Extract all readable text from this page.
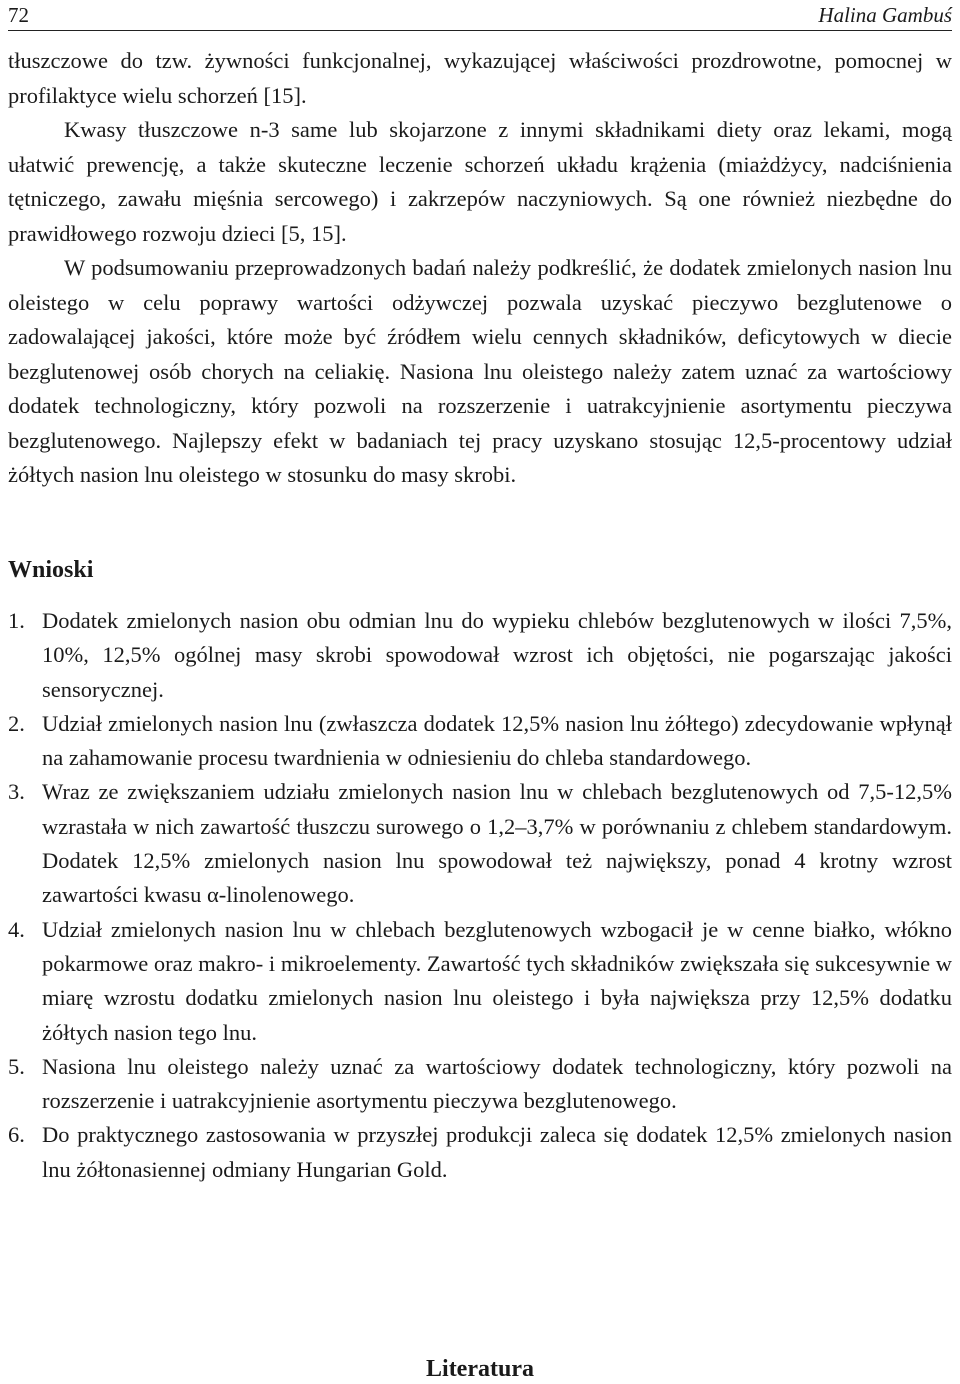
72	Halina Gambuś

tłuszczowe do tzw. żywności funkcjonalnej, wykazującej właściwości prozdrowotne, pomocnej w profilaktyce wielu schorzeń [15].

Kwasy tłuszczowe n-3 same lub skojarzone z innymi składnikami diety oraz lekami, mogą ułatwić prewencję, a także skuteczne leczenie schorzeń układu krążenia (miażdżycy, nadciśnienia tętniczego, zawału mięśnia sercowego) i zakrzepów naczyniowych. Są one również niezbędne do prawidłowego rozwoju dzieci [5, 15].

W podsumowaniu przeprowadzonych badań należy podkreślić, że dodatek zmielonych nasion lnu oleistego w celu poprawy wartości odżywczej pozwala uzyskać pieczywo bezglutenowe o zadowalającej jakości, które może być źródłem wielu cennych składników, deficytowych w diecie bezglutenowej osób chorych na celiakię. Nasiona lnu oleistego należy zatem uznać za wartościowy dodatek technologiczny, który pozwoli na rozszerzenie i uatrakcyjnienie asortymentu pieczywa bezglutenowego. Najlepszy efekt w badaniach tej pracy uzyskano stosując 12,5-procentowy udział żółtych nasion lnu oleistego w stosunku do masy skrobi.

Wnioski
1. Dodatek zmielonych nasion obu odmian lnu do wypieku chlebów bezglutenowych w ilości 7,5%, 10%, 12,5% ogólnej masy skrobi spowodował wzrost ich objętości, nie pogarszając jakości sensorycznej.
2. Udział zmielonych nasion lnu (zwłaszcza dodatek 12,5% nasion lnu żółtego) zdecydowanie wpłynął na zahamowanie procesu twardnienia w odniesieniu do chleba standardowego.
3. Wraz ze zwiększaniem udziału zmielonych nasion lnu w chlebach bezglutenowych od 7,5-12,5% wzrastała w nich zawartość tłuszczu surowego o 1,2–3,7% w porównaniu z chlebem standardowym. Dodatek 12,5% zmielonych nasion lnu spowodował też największy, ponad 4 krotny wzrost zawartości kwasu α-linolenowego.
4. Udział zmielonych nasion lnu w chlebach bezglutenowych wzbogacił je w cenne białko, włókno pokarmowe oraz makro- i mikroelementy. Zawartość tych składników zwiększała się sukcesywnie w miarę wzrostu dodatku zmielonych nasion lnu oleistego i była największa przy 12,5% dodatku żółtych nasion tego lnu.
5. Nasiona lnu oleistego należy uznać za wartościowy dodatek technologiczny, który pozwoli na rozszerzenie i uatrakcyjnienie asortymentu pieczywa bezglutenowego.
6. Do praktycznego zastosowania w przyszłej produkcji zaleca się dodatek 12,5% zmielonych nasion lnu żółtonasiennej odmiany Hungarian Gold.
Literatura
